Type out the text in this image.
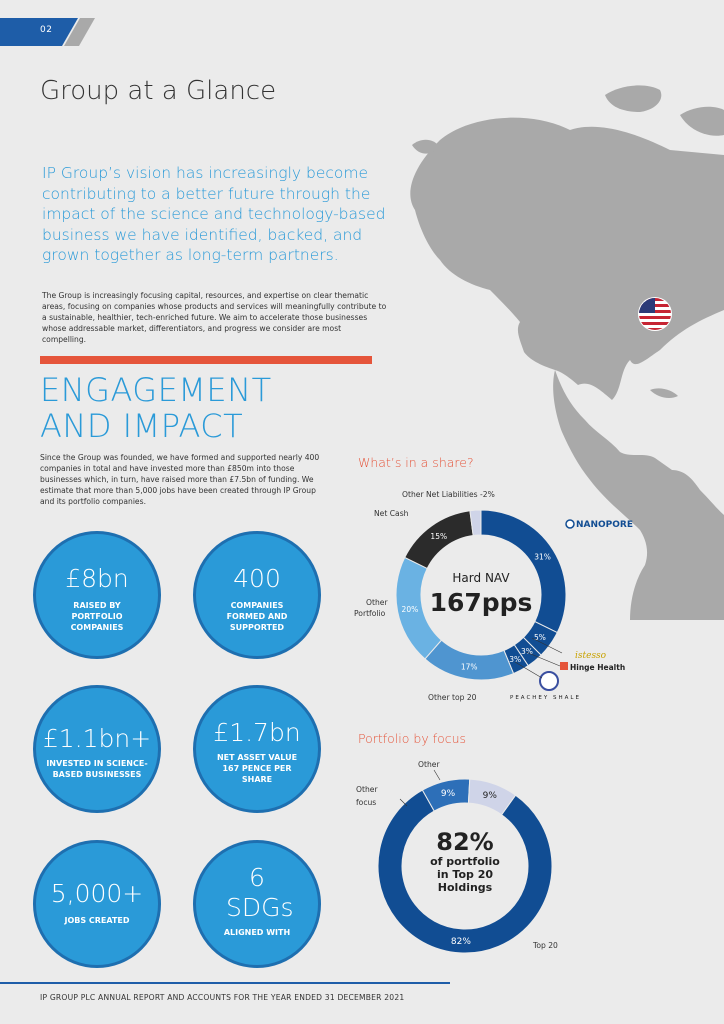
02
Group at a Glance
IP Group’s vision has increasingly become contributing to a better future through the impact of the science and technology-based business we have identified, backed, and grown together as long-term partners.
The Group is increasingly focusing capital, resources, and expertise on clear thematic areas, focusing on companies whose products and services will meaningfully contribute to a sustainable, healthier, tech-enriched future. We aim to accelerate those businesses whose addressable market, differentiators, and progress we consider are most compelling.
ENGAGEMENT
AND IMPACT
Since the Group was founded, we have formed and supported nearly 400 companies in total and have invested more than £850m into those businesses which, in turn, have raised more than £7.5bn of funding. We estimate that more than 5,000 jobs have been created through IP Group and its portfolio companies.
£8bn
RAISED BY PORTFOLIO COMPANIES
400
COMPANIES FORMED AND SUPPORTED
£1.1bn+
INVESTED IN SCIENCE-BASED BUSINESSES
£1.7bn
NET ASSET VALUE 167 PENCE PER SHARE
5,000+
JOBS CREATED
6 SDGs
ALIGNED WITH
What’s in a share?
31%
5%
3%
3%
17%
20%
15%
Other Net Liabilities -2%
Net Cash
Other
Portfolio
Other top 20
Hard NAV
167pps
NANOPORE
istesso
Hinge Health
PEACHEY SHALE
Portfolio by focus
82%
9%	9%
Other
Other
focus
Top 20
82%
of portfolio
in Top 20
Holdings
IP GROUP PLC ANNUAL REPORT AND ACCOUNTS FOR THE YEAR ENDED 31 DECEMBER 2021
